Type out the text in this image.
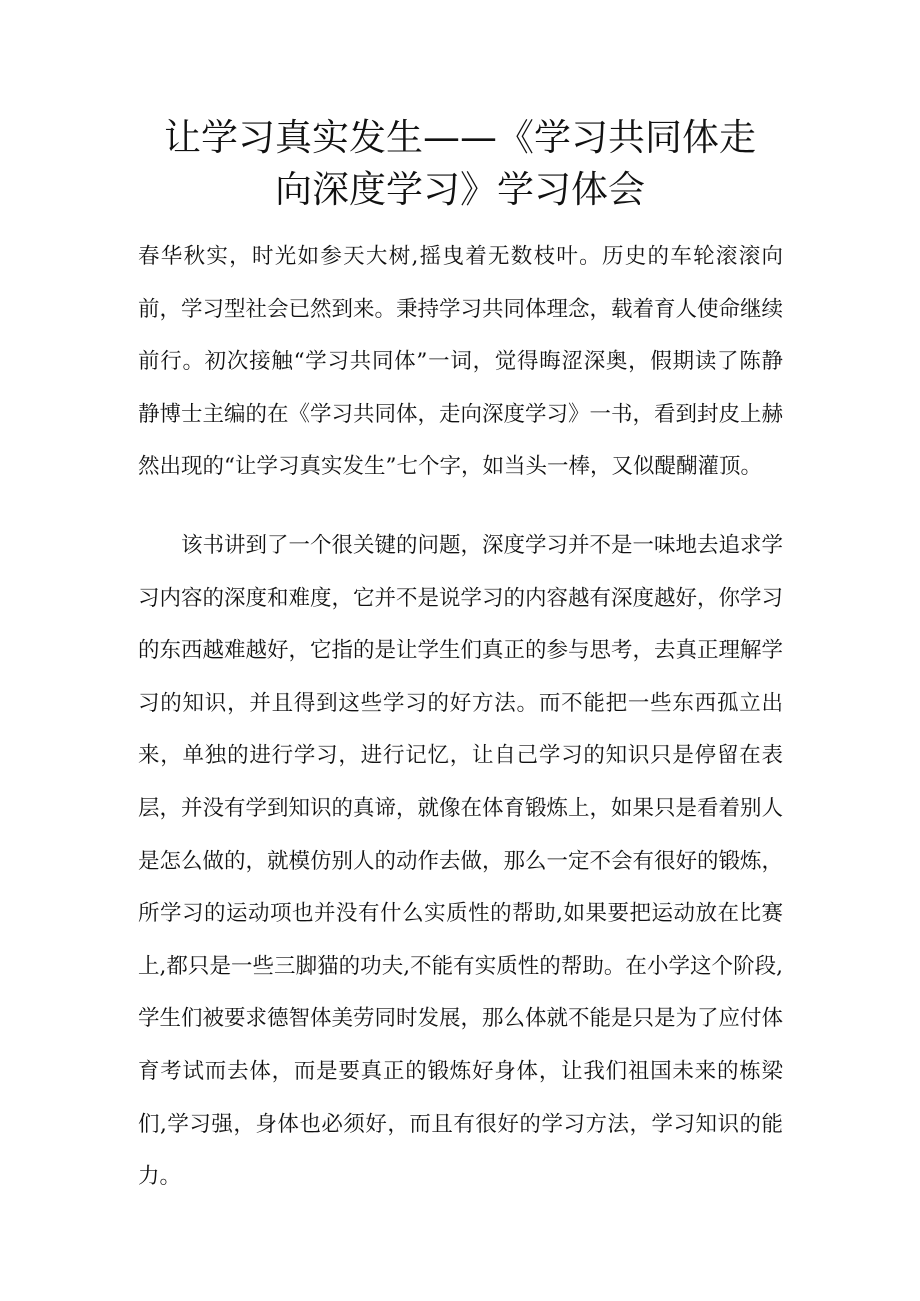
让学习真实发生——《学习共同体走
向深度学习》学习体会

春华秋实，时光如参天大树,摇曳着无数枝叶。历史的车轮滚滚向前，学习型社会已然到来。秉持学习共同体理念，载着育人使命继续前行。初次接触“学习共同体”一词，觉得晦涩深奥，假期读了陈静静博士主编的在《学习共同体，走向深度学习》一书，看到封皮上赫然出现的“让学习真实发生”七个字，如当头一棒，又似醍醐灌顶。

该书讲到了一个很关键的问题，深度学习并不是一味地去追求学习内容的深度和难度，它并不是说学习的内容越有深度越好，你学习的东西越难越好，它指的是让学生们真正的参与思考，去真正理解学习的知识，并且得到这些学习的好方法。而不能把一些东西孤立出来，单独的进行学习，进行记忆，让自己学习的知识只是停留在表层，并没有学到知识的真谛，就像在体育锻炼上，如果只是看着别人是怎么做的，就模仿别人的动作去做，那么一定不会有很好的锻炼，所学习的运动项也并没有什么实质性的帮助,如果要把运动放在比赛上,都只是一些三脚猫的功夫,不能有实质性的帮助。在小学这个阶段,学生们被要求德智体美劳同时发展，那么体就不能是只是为了应付体育考试而去体，而是要真正的锻炼好身体，让我们祖国未来的栋梁们,学习强，身体也必须好，而且有很好的学习方法，学习知识的能力。
